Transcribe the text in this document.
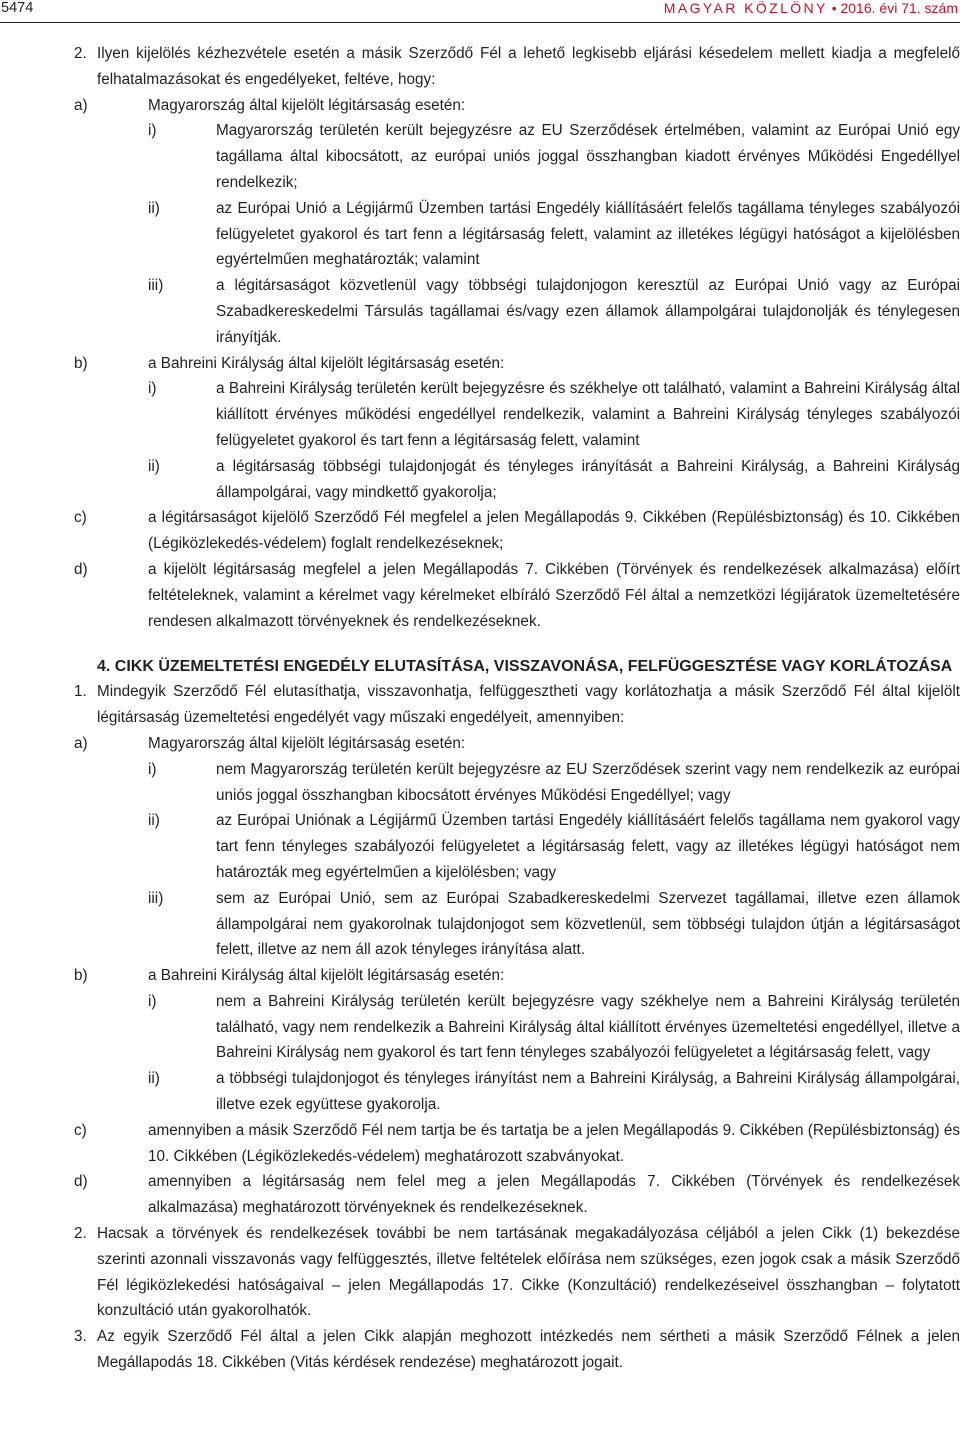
5474	MAGYAR KÖZLÖNY • 2016. évi 71. szám
2. Ilyen kijelölés kézhezvétele esetén a másik Szerződő Fél a lehető legkisebb eljárási késedelem mellett kiadja a megfelelő felhatalmazásokat és engedélyeket, feltéve, hogy:
a)	Magyarország által kijelölt légitársaság esetén:
i)	Magyarország területén került bejegyzésre az EU Szerződések értelmében, valamint az Európai Unió egy tagállama által kibocsátott, az európai uniós joggal összhangban kiadott érvényes Működési Engedéllyel rendelkezik;
ii)	az Európai Unió a Légijármű Üzemben tartási Engedély kiállításáért felelős tagállama tényleges szabályozói felügyeletet gyakorol és tart fenn a légitársaság felett, valamint az illetékes légügyi hatóságot a kijelölésben egyértelműen meghatározták; valamint
iii)	a légitársaságot közvetlenül vagy többségi tulajdonjogon keresztül az Európai Unió vagy az Európai Szabadkereskedelmi Társulás tagállamai és/vagy ezen államok állampolgárai tulajdonolják és ténylegesen irányítják.
b)	a Bahreini Királyság által kijelölt légitársaság esetén:
i)	a Bahreini Királyság területén került bejegyzésre és székhelye ott található, valamint a Bahreini Királyság által kiállított érvényes működési engedéllyel rendelkezik, valamint a Bahreini Királyság tényleges szabályozói felügyeletet gyakorol és tart fenn a légitársaság felett, valamint
ii)	a légitársaság többségi tulajdonjogát és tényleges irányítását a Bahreini Királyság, a Bahreini Királyság állampolgárai, vagy mindkettő gyakorolja;
c)	a légitársaságot kijelölő Szerződő Fél megfelel a jelen Megállapodás 9. Cikkében (Repülésbiztonság) és 10. Cikkében (Légiközlekedés-védelem) foglalt rendelkezéseknek;
d)	a kijelölt légitársaság megfelel a jelen Megállapodás 7. Cikkében (Törvények és rendelkezések alkalmazása) előírt feltételeknek, valamint a kérelmet vagy kérelmeket elbíráló Szerződő Fél által a nemzetközi légijáratok üzemeltetésére rendesen alkalmazott törvényeknek és rendelkezéseknek.
4. CIKK ÜZEMELTETÉSI ENGEDÉLY ELUTASÍTÁSA, VISSZAVONÁSA, FELFÜGGESZTÉSE VAGY KORLÁTOZÁSA
1. Mindegyik Szerződő Fél elutasíthatja, visszavonhatja, felfüggesztheti vagy korlátozhatja a másik Szerződő Fél által kijelölt légitársaság üzemeltetési engedélyét vagy műszaki engedélyeit, amennyiben:
a)	Magyarország által kijelölt légitársaság esetén:
i)	nem Magyarország területén került bejegyzésre az EU Szerződések szerint vagy nem rendelkezik az európai uniós joggal összhangban kibocsátott érvényes Működési Engedéllyel; vagy
ii)	az Európai Uniónak a Légijármű Üzemben tartási Engedély kiállításáért felelős tagállama nem gyakorol vagy tart fenn tényleges szabályozói felügyeletet a légitársaság felett, vagy az illetékes légügyi hatóságot nem határozták meg egyértelműen a kijelölésben; vagy
iii)	sem az Európai Unió, sem az Európai Szabadkereskedelmi Szervezet tagállamai, illetve ezen államok állampolgárai nem gyakorolnak tulajdonjogot sem közvetlenül, sem többségi tulajdon útján a légitársaságot felett, illetve az nem áll azok tényleges irányítása alatt.
b)	a Bahreini Királyság által kijelölt légitársaság esetén:
i)	nem a Bahreini Királyság területén került bejegyzésre vagy székhelye nem a Bahreini Királyság területén található, vagy nem rendelkezik a Bahreini Királyság által kiállított érvényes üzemeltetési engedéllyel, illetve a Bahreini Királyság nem gyakorol és tart fenn tényleges szabályozói felügyeletet a légitársaság felett, vagy
ii)	a többségi tulajdonjogot és tényleges irányítást nem a Bahreini Királyság, a Bahreini Királyság állampolgárai, illetve ezek együttese gyakorolja.
c)	amennyiben a másik Szerződő Fél nem tartja be és tartatja be a jelen Megállapodás 9. Cikkében (Repülésbiztonság) és 10. Cikkében (Légiközlekedés-védelem) meghatározott szabványokat.
d)	amennyiben a légitársaság nem felel meg a jelen Megállapodás 7. Cikkében (Törvények és rendelkezések alkalmazása) meghatározott törvényeknek és rendelkezéseknek.
2. Hacsak a törvények és rendelkezések további be nem tartásának megakadályozása céljából a jelen Cikk (1) bekezdése szerinti azonnali visszavonás vagy felfüggesztés, illetve feltételek előírása nem szükséges, ezen jogok csak a másik Szerződő Fél légiközlekedési hatóságaival – jelen Megállapodás 17. Cikke (Konzultáció) rendelkezéseivel összhangban – folytatott konzultáció után gyakorolhatók.
3. Az egyik Szerződő Fél által a jelen Cikk alapján meghozott intézkedés nem sértheti a másik Szerződő Félnek a jelen Megállapodás 18. Cikkében (Vitás kérdések rendezése) meghatározott jogait.
